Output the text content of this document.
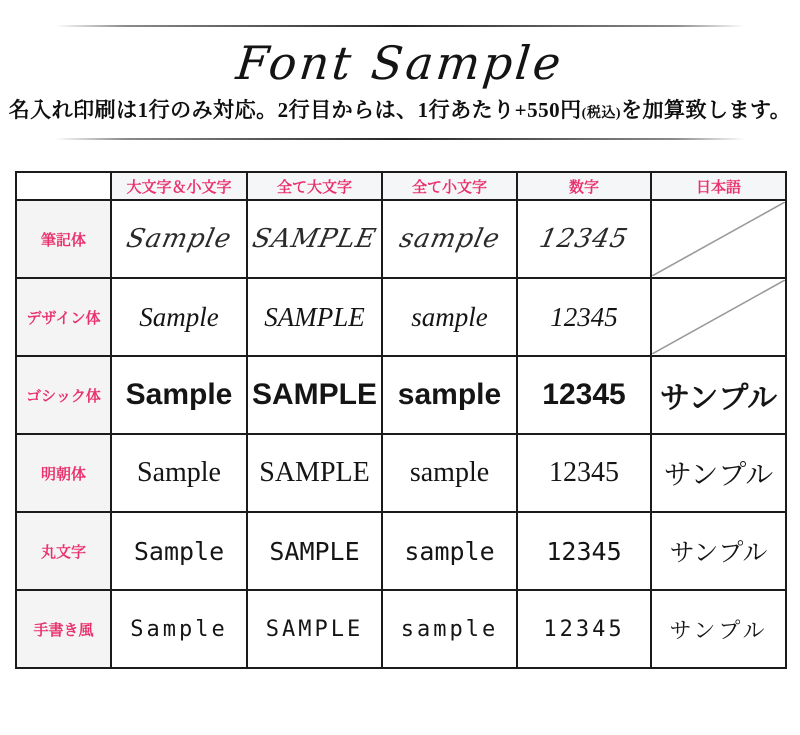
Font Sample

名入れ印刷は1行のみ対応。2行目からは、1行あたり+550円(税込)を加算致します。

	大文字＆小文字	全て大文字	全て小文字	数字	日本語
筆記体	Sample	SAMPLE	sample	12345	

デザイン体	Sample	SAMPLE	sample	12345	

ゴシック体	Sample	SAMPLE	sample	12345	サンプル
明朝体	Sample	SAMPLE	sample	12345	サンプル
丸文字	Sample	SAMPLE	sample	12345	サンプル
手書き風	Sample	SAMPLE	sample	12345	サンプル
